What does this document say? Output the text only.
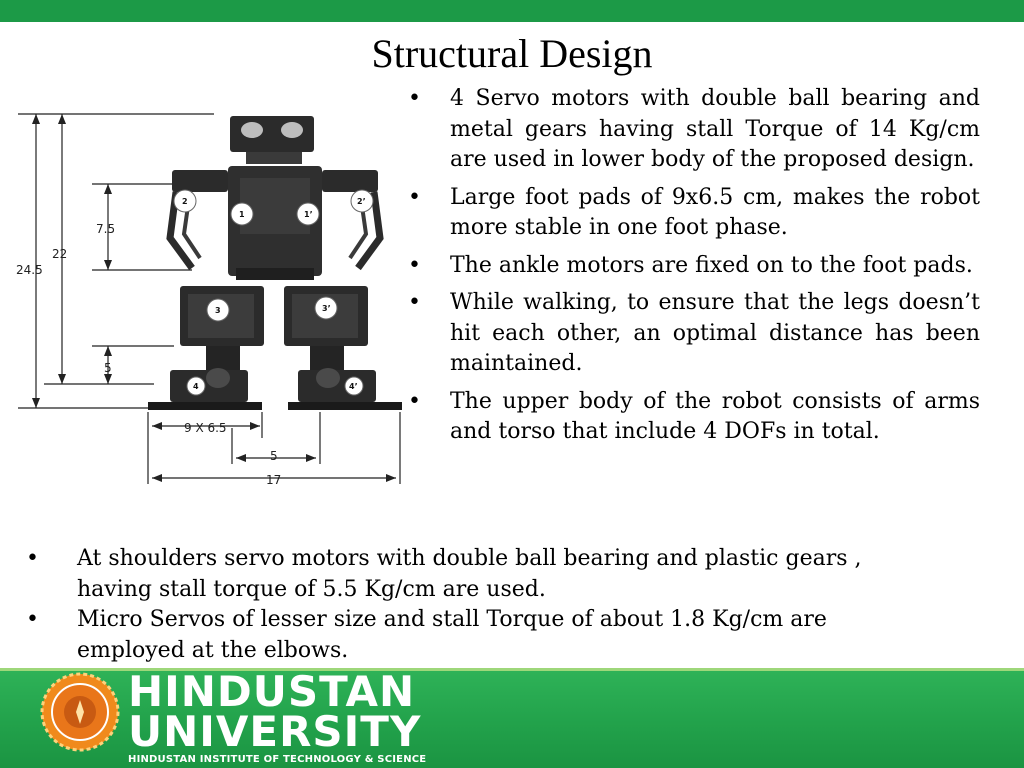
Structural Design
24.5
22
7.5
5
9 X 6.5
5
17
2
1	1’
2’
3	3’
4	4’
• 4 Servo motors with double ball bearing and metal gears having stall Torque of 14 Kg/cm are used in lower body of the proposed design.
• Large foot pads of 9x6.5 cm, makes the robot more stable in one foot phase.
• The ankle motors are fixed on to the foot pads.
• While walking, to ensure that the legs doesn’t hit each other, an optimal distance has been maintained.
• The upper body of the robot consists of arms and torso that include 4 DOFs in total.
• At shoulders servo motors with double ball bearing and plastic gears , having stall torque of 5.5 Kg/cm are used.
• Micro Servos of lesser size and stall Torque of about 1.8 Kg/cm are employed at the elbows.
HINDUSTAN
UNIVERSITY
HINDUSTAN INSTITUTE OF TECHNOLOGY & SCIENCE
